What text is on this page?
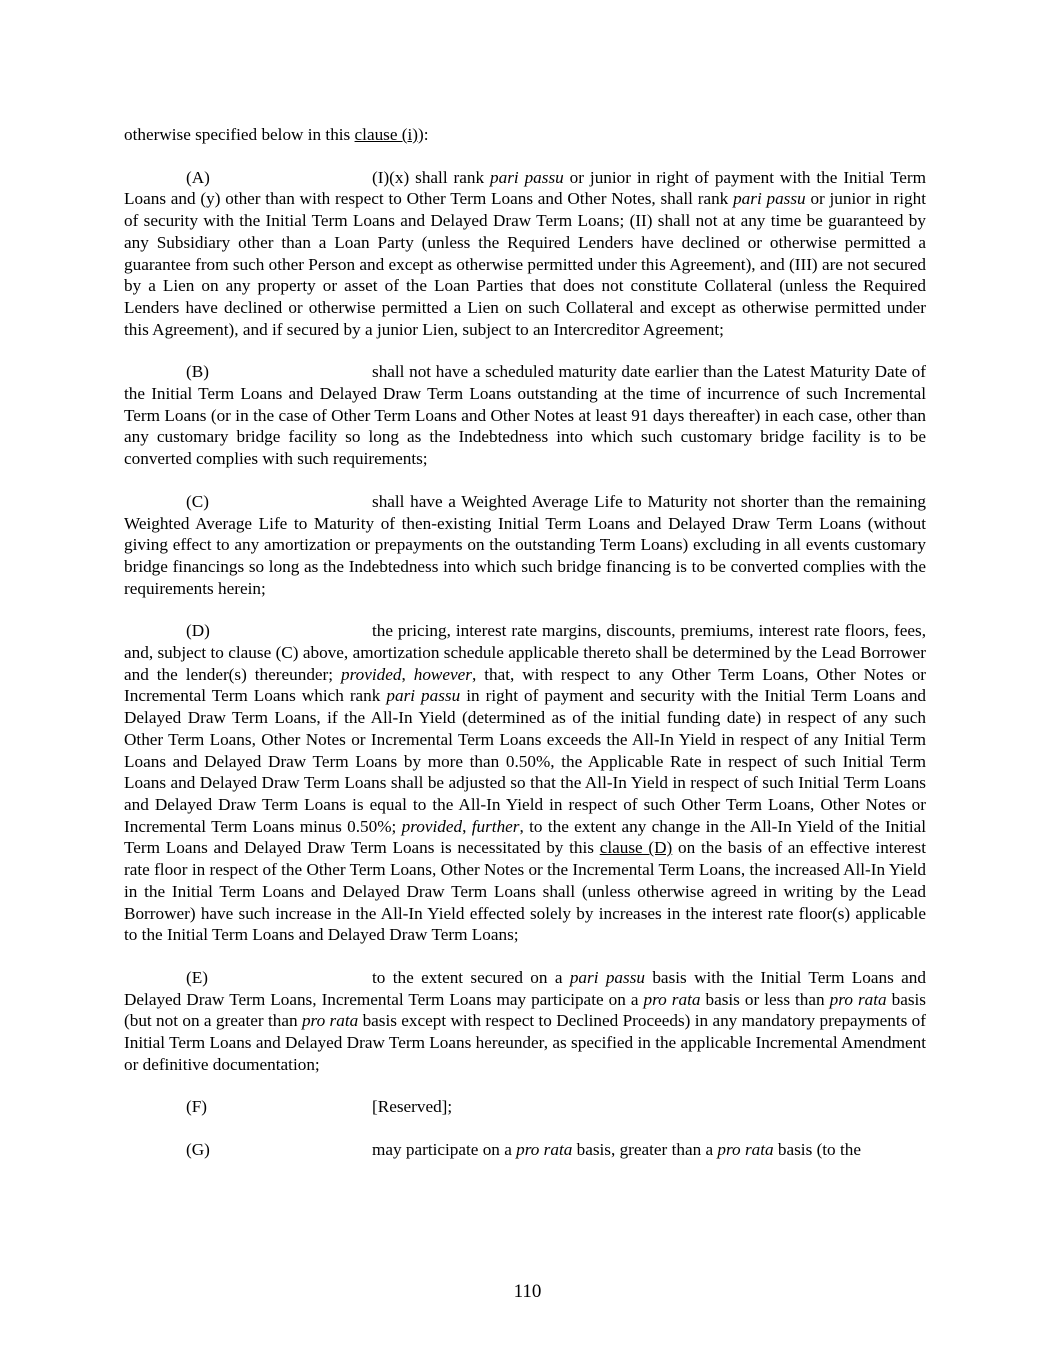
otherwise specified below in this clause (i)):

(A)	(I)(x) shall rank pari passu or junior in right of payment with the Initial Term Loans and (y) other than with respect to Other Term Loans and Other Notes, shall rank pari passu or junior in right of security with the Initial Term Loans and Delayed Draw Term Loans; (II) shall not at any time be guaranteed by any Subsidiary other than a Loan Party (unless the Required Lenders have declined or otherwise permitted a guarantee from such other Person and except as otherwise permitted under this Agreement), and (III) are not secured by a Lien on any property or asset of the Loan Parties that does not constitute Collateral (unless the Required Lenders have declined or otherwise permitted a Lien on such Collateral and except as otherwise permitted under this Agreement), and if secured by a junior Lien, subject to an Intercreditor Agreement;

(B)	shall not have a scheduled maturity date earlier than the Latest Maturity Date of the Initial Term Loans and Delayed Draw Term Loans outstanding at the time of incurrence of such Incremental Term Loans (or in the case of Other Term Loans and Other Notes at least 91 days thereafter) in each case, other than any customary bridge facility so long as the Indebtedness into which such customary bridge facility is to be converted complies with such requirements;

(C)	shall have a Weighted Average Life to Maturity not shorter than the remaining Weighted Average Life to Maturity of then-existing Initial Term Loans and Delayed Draw Term Loans (without giving effect to any amortization or prepayments on the outstanding Term Loans) excluding in all events customary bridge financings so long as the Indebtedness into which such bridge financing is to be converted complies with the requirements herein;

(D)	the pricing, interest rate margins, discounts, premiums, interest rate floors, fees, and, subject to clause (C) above, amortization schedule applicable thereto shall be determined by the Lead Borrower and the lender(s) thereunder; provided, however, that, with respect to any Other Term Loans, Other Notes or Incremental Term Loans which rank pari passu in right of payment and security with the Initial Term Loans and Delayed Draw Term Loans, if the All-In Yield (determined as of the initial funding date) in respect of any such Other Term Loans, Other Notes or Incremental Term Loans exceeds the All-In Yield in respect of any Initial Term Loans and Delayed Draw Term Loans by more than 0.50%, the Applicable Rate in respect of such Initial Term Loans and Delayed Draw Term Loans shall be adjusted so that the All-In Yield in respect of such Initial Term Loans and Delayed Draw Term Loans is equal to the All-In Yield in respect of such Other Term Loans, Other Notes or Incremental Term Loans minus 0.50%; provided, further, to the extent any change in the All-In Yield of the Initial Term Loans and Delayed Draw Term Loans is necessitated by this clause (D) on the basis of an effective interest rate floor in respect of the Other Term Loans, Other Notes or the Incremental Term Loans, the increased All-In Yield in the Initial Term Loans and Delayed Draw Term Loans shall (unless otherwise agreed in writing by the Lead Borrower) have such increase in the All-In Yield effected solely by increases in the interest rate floor(s) applicable to the Initial Term Loans and Delayed Draw Term Loans;

(E)	to the extent secured on a pari passu basis with the Initial Term Loans and Delayed Draw Term Loans, Incremental Term Loans may participate on a pro rata basis or less than pro rata basis (but not on a greater than pro rata basis except with respect to Declined Proceeds) in any mandatory prepayments of Initial Term Loans and Delayed Draw Term Loans hereunder, as specified in the applicable Incremental Amendment or definitive documentation;

(F)	[Reserved];

(G)	may participate on a pro rata basis, greater than a pro rata basis (to the

110
